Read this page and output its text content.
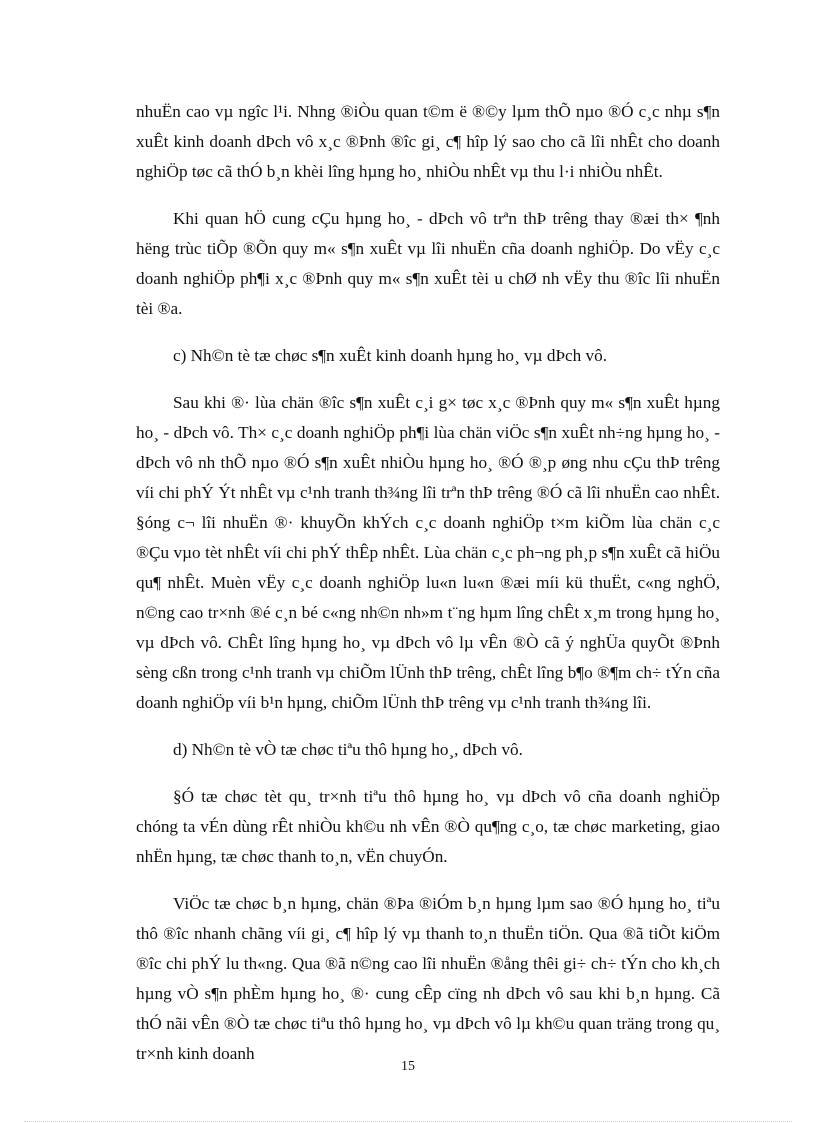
nhuËn cao vµ ngîc l¹i. Nhng ®iÒu quan t©m ë ®©y lµm thÕ nµo ®Ó c¸c nhµ s¶n xuÊt kinh doanh dÞch vô x¸c ®Þnh ®îc gi¸ c¶ hîp lý sao cho cã lîi nhÊt cho doanh nghiÖp tøc cã thÓ b¸n khèi lîng hµng ho¸ nhiÒu nhÊt vµ thu l·i nhiÒu nhÊt.

Khi quan hÖ cung cÇu hµng ho¸ - dÞch vô trªn thÞ trêng thay ®æi th× ¶nh hëng trùc tiÕp ®Õn quy m« s¶n xuÊt vµ lîi nhuËn cña doanh nghiÖp. Do vËy c¸c doanh nghiÖp ph¶i x¸c ®Þnh quy m« s¶n xuÊt tèi u chØ nh vËy thu ®îc lîi nhuËn tèi ®a.

c) Nh©n tè tæ chøc s¶n xuÊt kinh doanh hµng ho¸ vµ dÞch vô.

Sau khi ®· lùa chän ®îc s¶n xuÊt c¸i g× tøc x¸c ®Þnh quy m« s¶n xuÊt hµng ho¸ - dÞch vô. Th× c¸c doanh nghiÖp ph¶i lùa chän viÖc s¶n xuÊt nh÷ng hµng ho¸ - dÞch vô nh thÕ nµo ®Ó s¶n xuÊt nhiÒu hµng ho¸ ®Ó ®¸p øng nhu cÇu thÞ trêng víi chi phÝ Ýt nhÊt vµ c¹nh tranh th¾ng lîi trªn thÞ trêng ®Ó cã lîi nhuËn cao nhÊt. §óng c¬ lîi nhuËn ®· khuyÕn khÝch c¸c doanh nghiÖp t×m kiÕm lùa chän c¸c ®Çu vµo tèt nhÊt víi chi phÝ thÊp nhÊt. Lùa chän c¸c ph¬ng ph¸p s¶n xuÊt cã hiÖu qu¶ nhÊt. Muèn vËy c¸c doanh nghiÖp lu«n lu«n ®æi míi kü thuËt, c«ng nghÖ, n©ng cao tr×nh ®é c¸n bé c«ng nh©n nh»m t¨ng hµm lîng chÊt x¸m trong hµng ho¸ vµ dÞch vô. ChÊt lîng hµng ho¸ vµ dÞch vô lµ vÊn ®Ò cã ý nghÜa quyÕt ®Þnh sèng cßn trong c¹nh tranh vµ chiÕm lÜnh thÞ trêng, chÊt lîng b¶o ®¶m ch÷ tÝn cña doanh nghiÖp víi b¹n hµng, chiÕm lÜnh thÞ trêng vµ c¹nh tranh th¾ng lîi.

d) Nh©n tè vÒ tæ chøc tiªu thô hµng ho¸, dÞch vô.

§Ó tæ chøc tèt qu¸ tr×nh tiªu thô hµng ho¸ vµ dÞch vô cña doanh nghiÖp chóng ta vÉn dùng rÊt nhiÒu kh©u nh vÊn ®Ò qu¶ng c¸o, tæ chøc marketing, giao nhËn hµng, tæ chøc thanh to¸n, vËn chuyÓn.

ViÖc tæ chøc b¸n hµng, chän ®Þa ®iÓm b¸n hµng lµm sao ®Ó hµng ho¸ tiªu thô ®îc nhanh chãng víi gi¸ c¶ hîp lý vµ thanh to¸n thuËn tiÖn. Qua ®ã tiÕt kiÖm ®îc chi phÝ lu th«ng. Qua ®ã n©ng cao lîi nhuËn ®ång thêi gi÷ ch÷ tÝn cho kh¸ch hµng vÒ s¶n phÈm hµng ho¸ ®· cung cÊp cïng nh dÞch vô sau khi b¸n hµng. Cã thÓ nãi vÊn ®Ò tæ chøc tiªu thô hµng ho¸ vµ dÞch vô lµ kh©u quan träng trong qu¸ tr×nh kinh doanh

15
